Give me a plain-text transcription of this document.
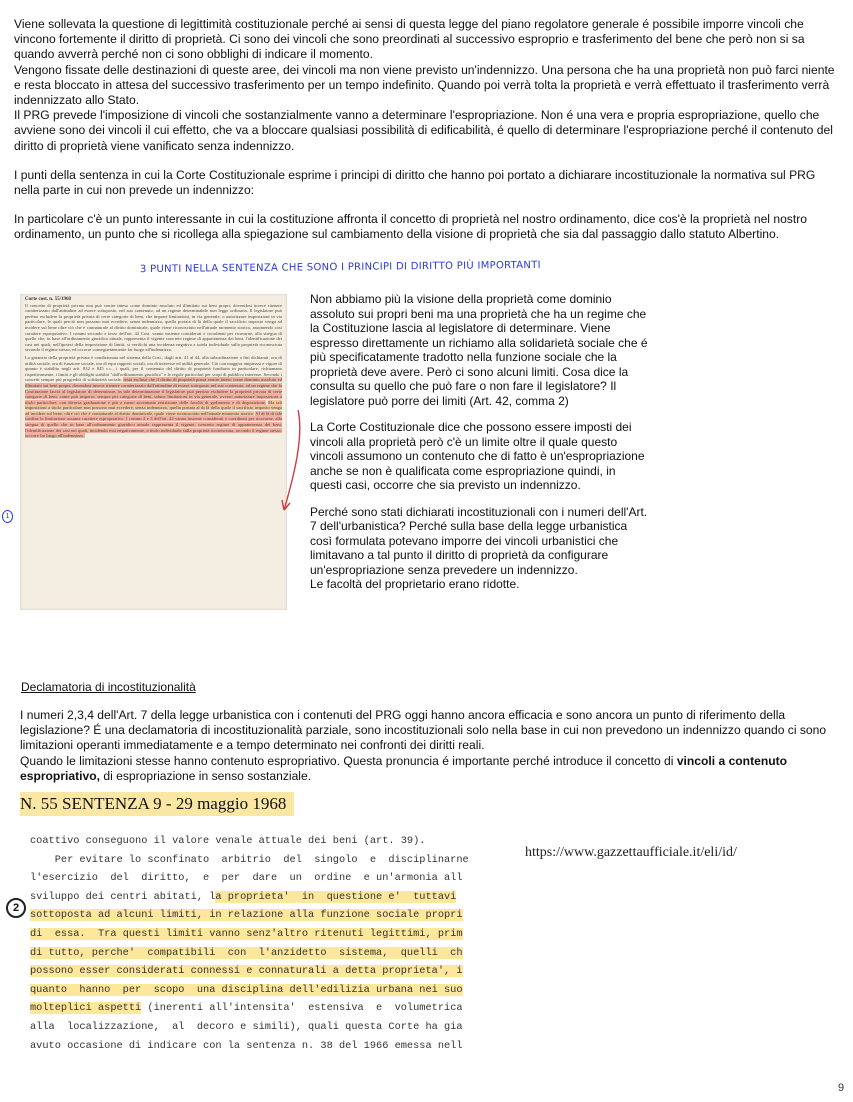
Viene sollevata la questione di legittimità costituzionale perché ai sensi di questa legge del piano regolatore generale é possibile imporre vincoli che vincono fortemente il diritto di proprietà. Ci sono dei vincoli che sono preordinati al successivo esproprio e trasferimento del bene che però non si sa quando avverrà perché non ci sono obblighi di indicare il momento.

Vengono fissate delle destinazioni di queste aree, dei vincoli ma non viene previsto un'indennizzo. Una persona che ha una proprietà non può farci niente e resta bloccato in attesa del successivo trasferimento per un tempo indefinito. Quando poi verrà tolta la proprietà e verrà effettuato il trasferimento verrà indennizzato allo Stato.

Il PRG prevede l'imposizione di vincoli che sostanzialmente vanno a determinare l'espropriazione. Non é una vera e propria espropriazione, quello che avviene sono dei vincoli il cui effetto, che va a bloccare qualsiasi possibilità di edificabilità, é quello di determinare l'espropriazione perché il contenuto del diritto di proprietà viene vanificato senza indennizzo.

I punti della sentenza in cui la Corte Costituzionale esprime i principi di diritto che hanno poi portato a dichiarare incostituzionale la normativa sul PRG nella parte in cui non prevede un indennizzo:

In particolare c'è un punto interessante in cui la costituzione affronta il concetto di proprietà nel nostro ordinamento, dice cos'è la proprietà nel nostro ordinamento, un punto che si ricollega alla spiegazione sul cambiamento della visione di proprietà che sia dal passaggio dallo statuto Albertino.

3 PUNTI NELLA SENTENZA CHE SONO I PRINCIPI DI DIRITTO PIÙ IMPORTANTI
Corte cost. n. 55/1968

Il concetto di proprietà privata non può venire inteso come dominio assoluto ed illimitato sui beni propri, dovendosi invece ritenere caratterizzato dall'attitudine ad essere sottoposto, nel suo contenuto, ad un regime determinabile non legge ordinaria. Il legislatore può perfino escludere la proprietà privata di certe categorie di beni, che impone limitazioni, in via generale, o autorizzare imposizioni in via particolare, le quali perciò non possono mai eccedere, senza indennizzo, quella portata di là della quale il sacrificio imposto venga ad incidere sul bene oltre ciò che è connaturale al diritto dominicale, quale viene riconosciuto nell'attuale momento storico, assumendo così carattere espropriativo. I commi secondo e terzo dell'art. 42 Cost. vanno insieme considerati e coordinati per ricavarne, alla stregua di quello che, in base all'ordinamento giuridico attuale, rappresenta il vigente concreto regime di appartenenza dei beni, l'identificazione dei casi nei quali, nell'ipotesi della imposizione di limiti, si verifichi una incidenza negativa a tutela individuale sulla proprietà riconosciuta secondo il regime stesso, ed occorre conseguentemente far luogo all'indennizzo.

La garanzia della proprietà privata è condizionata nel sistema della Cost., dagli artt. 41 al 44, alla subordinazione a fini dichiarati, ora di utilità sociale, ora di funzione sociale, ora di equi rapporti sociali, ora di interesse ed utilità generale. Ciò con maggior ampiezza e vigore di quanto è stabilito negli artt. 832 e 845 c.c., i quali, per il contenuto del diritto di proprietà fondiaria in particolare, richiamano rispettivamente, i limiti e gli obblighi stabiliti "dall'ordinamento giuridico" e le regole particolari per scopi di pubblico interesse. Secondo i concetti sempre più progrediti di solidarietà sociale, resta escluso che il diritto di proprietà possa venire inteso come dominio assoluto ed illimitato sui beni propri, dovendosi invece ritenere caratterizzato dall'attitudine di essere sottoposto nel suo contenuto, ad un regime che la Costituzione lascia al legislatore di determinare, in tale determinazione il legislatore può persino escludere la proprietà privata di certe categorie di beni, come può imporre, sempre per categorie di beni, talune limitazioni in via generale, ovvero autorizzare imposizioni a titolo particolare, con diversa graduazione e più o meno accentuata restrizione delle facoltà di godimento e di disposizione. Ma tali imposizioni a titolo particolare non possono mai eccedere, senza indennizzo, quella portata al di là della quale il sacrificio imposto venga ad incidere sul bene, oltre ciò che è connaturale al diritto dominicale, quale viene riconosciuto nell'attuale momento storico. Al di là di tale confine la limitazione assume carattere espropriativo. I commi 2 e 3 dell'art. 42 vanno insieme considerati e coordinati per ricavarne, alla stregua di quello che in base all'ordinamento giuridico attuale rappresenta il vigente, concreto regime di appartenenza dei beni, l'identificazione dei casi nei quali, incidendo essi negativamente, a titolo individuale sulla proprietà riconosciuta, secondo il regime stesso, occorre far luogo all'indennizzo.

1

Non abbiamo più la visione della proprietà come dominio assoluto sui propri beni ma una proprietà che ha un regime che la Costituzione lascia al legislatore di determinare. Viene espresso direttamente un richiamo alla solidarietà sociale che é più specificatamente tradotto nella funzione sociale che la proprietà deve avere. Però ci sono alcuni limiti. Cosa dice la consulta su quello che può fare o non fare il legislatore? Il legislatore può porre dei limiti (Art. 42, comma 2)

La Corte Costituzionale dice che possono essere imposti dei vincoli alla proprietà però c'è un limite oltre il quale questo vincoli assumono un contenuto che di fatto è un'espropriazione anche se non è qualificata come espropriazione quindi, in questi casi, occorre che sia previsto un indennizzo.

Perché sono stati dichiarati incostituzionali con i numeri dell'Art. 7 dell'urbanistica? Perché sulla base della legge urbanistica così formulata potevano imporre dei vincoli urbanistici che limitavano a tal punto il diritto di proprietà da configurare un'espropriazione senza prevedere un indennizzo.

Le facoltà del proprietario erano ridotte.

Declamatoria di incostituzionalità

I numeri 2,3,4 dell'Art. 7 della legge urbanistica con i contenuti del PRG oggi hanno ancora efficacia e sono ancora un punto di riferimento della legislazione? É una declamatoria di incostituzionalità parziale, sono incostituzionali solo nella base in cui non prevedono un indennizzo quando ci sono limitazioni operanti immediatamente e a tempo determinato nei confronti dei diritti reali.

Quando le limitazioni stesse hanno contenuto espropriativo. Questa pronuncia é importante perché introduce il concetto di vincoli a contenuto espropriativo, di espropriazione in senso sostanziale.

N. 55 SENTENZA 9 - 29 maggio 1968
coattivo conseguono il valore venale attuale dei beni (art. 39).
Per evitare lo sconfinato  arbitrio  del  singolo  e  disciplinarne
l'esercizio  del  diritto,  e  per  dare  un  ordine  e un'armonia all
sviluppo dei centri abitati, la proprieta'  in  questione e'  tuttavi
sottoposta ad alcuni limiti, in relazione alla funzione sociale propri
di  essa.  Tra questi limiti vanno senz'altro ritenuti legittimi, prim
di tutto, perche'  compatibili  con  l'anzidetto  sistema,  quelli  ch
possono esser considerati connessi e connaturali a detta proprieta', i
quanto  hanno  per  scopo  una disciplina dell'edilizia urbana nei suo
molteplici aspetti (inerenti all'intensita'  estensiva  e  volumetrica
alla  localizzazione,  al  decoro e simili), quali questa Corte ha gia
avuto occasione di indicare con la sentenza n. 38 del 1966 emessa nell
2
https://www.gazzettaufficiale.it/eli/id/
9
